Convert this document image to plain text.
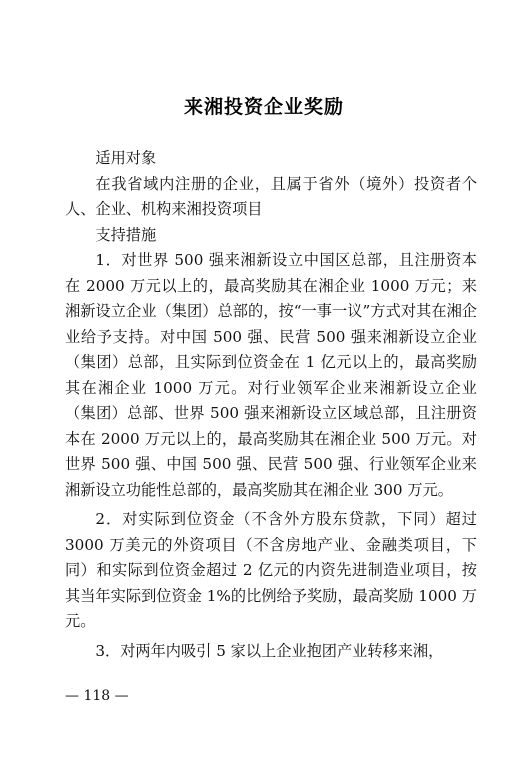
来湘投资企业奖励

适用对象

在我省域内注册的企业，且属于省外（境外）投资者个人、企业、机构来湘投资项目

支持措施

1．对世界 500 强来湘新设立中国区总部，且注册资本在 2000 万元以上的，最高奖励其在湘企业 1000 万元；来湘新设立企业（集团）总部的，按“一事一议”方式对其在湘企业给予支持。对中国 500 强、民营 500 强来湘新设立企业（集团）总部，且实际到位资金在 1 亿元以上的，最高奖励其在湘企业 1000 万元。对行业领军企业来湘新设立企业（集团）总部、世界 500 强来湘新设立区域总部，且注册资本在 2000 万元以上的，最高奖励其在湘企业 500 万元。对世界 500 强、中国 500 强、民营 500 强、行业领军企业来湘新设立功能性总部的，最高奖励其在湘企业 300 万元。

2．对实际到位资金（不含外方股东贷款，下同）超过 3000 万美元的外资项目（不含房地产业、金融类项目，下同）和实际到位资金超过 2 亿元的内资先进制造业项目，按其当年实际到位资金 1%的比例给予奖励，最高奖励 1000 万元。

3．对两年内吸引 5 家以上企业抱团产业转移来湘，

— 118 —
